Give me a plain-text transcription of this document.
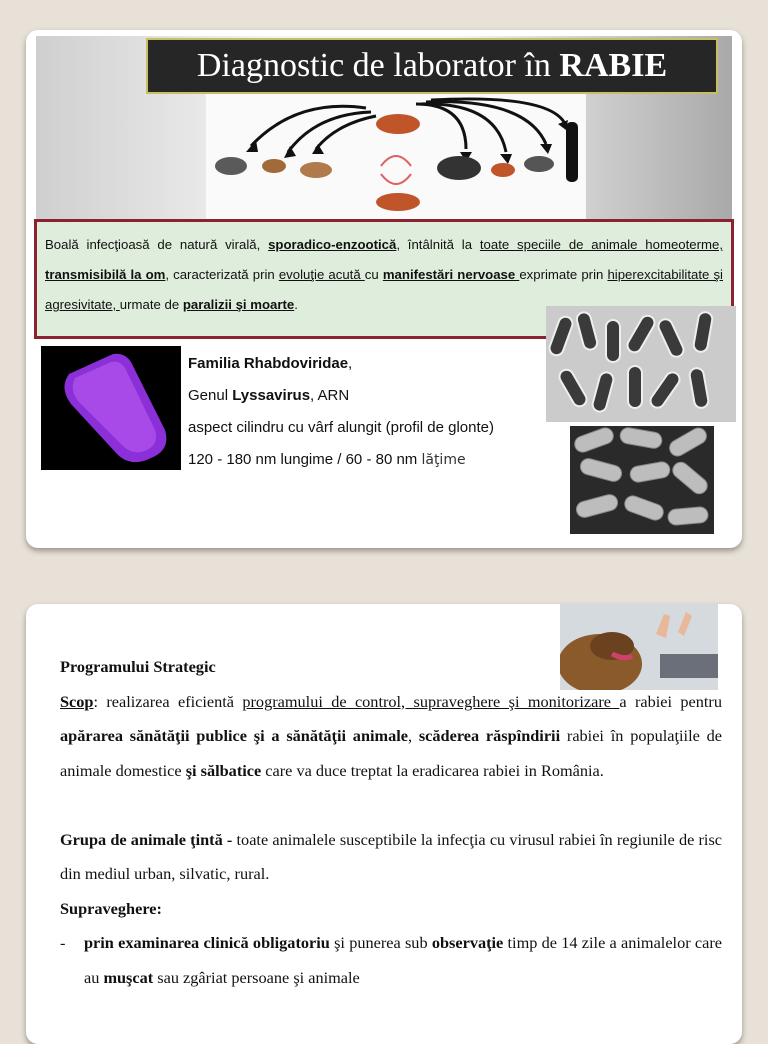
Diagnostic de laborator în RABIE
Boală infecţioasă de natură virală, sporadico-enzootică, întâlnită la toate speciile de animale homeoterme, transmisibilă la om, caracterizată prin evoluţie acută cu manifestări nervoase exprimate prin hiperexcitabilitate şi agresivitate, urmate de paralizii şi moarte.
Familia Rhabdoviridae,
Genul Lyssavirus, ARN
aspect cilindru cu vârf alungit (profil de glonte)
120 - 180 nm lungime / 60 - 80 nm lăţime

Programului Strategic

Scop: realizarea eficientă programului de control, supraveghere şi monitorizare a rabiei pentru apărarea sănătăţii publice şi a sănătăţii animale, scăderea răspîndirii rabiei în populaţiile de animale domestice şi sălbatice care va duce treptat la eradicarea rabiei in România.

Grupa de animale ţintă - toate animalele susceptibile la infecţia cu virusul rabiei în regiunile de risc din mediul urban, silvatic, rural.

Supraveghere:

-	prin examinarea clinică obligatoriu şi punerea sub observaţie timp de 14 zile a animalelor care au muşcat sau zgâriat persoane şi animale
